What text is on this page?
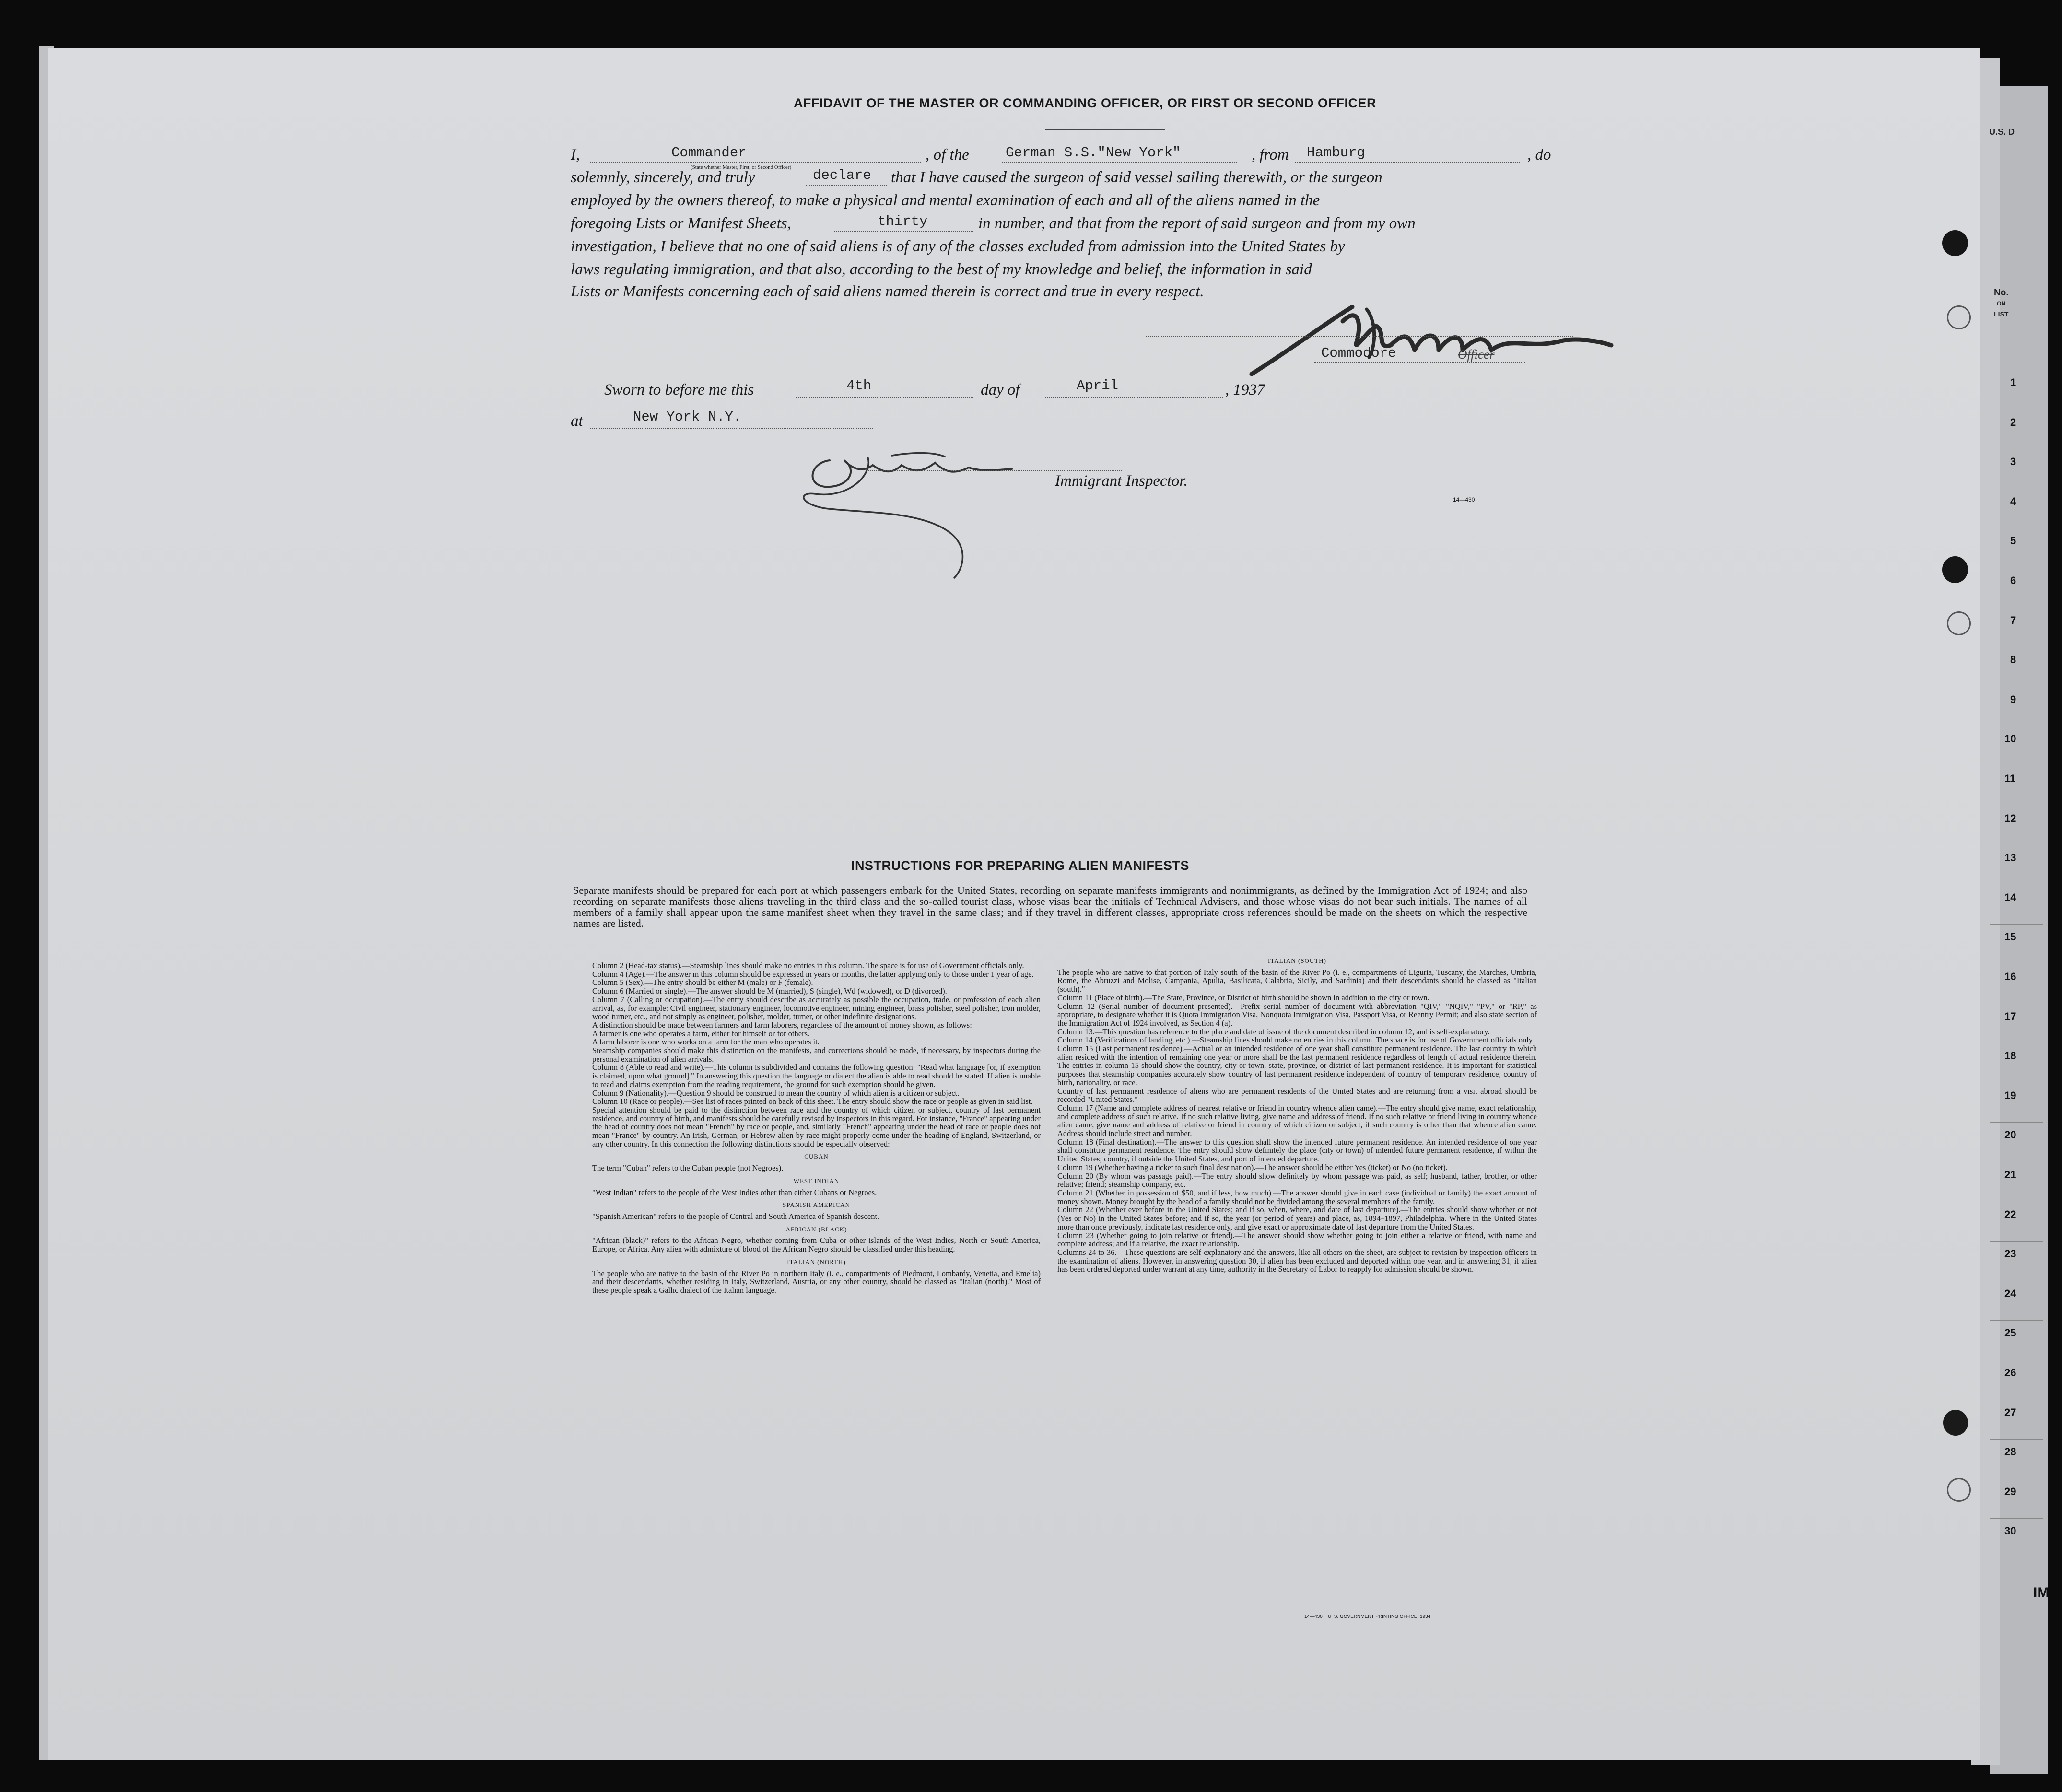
AFFIDAVIT OF THE MASTER OR COMMANDING OFFICER, OR FIRST OR SECOND OFFICER
I,	Commander
(State whether Master, First, or Second Officer)
, of the	German S.S."New York"	, from Hamburg	, do
solemnly, sincerely, and truly	declare that I have caused the surgeon of said vessel sailing therewith, or the surgeon
employed by the owners thereof, to make a physical and mental examination of each and all of the aliens named in the
foregoing Lists or Manifest Sheets,	thirty	in number, and that from the report of said surgeon and from my own
investigation, I believe that no one of said aliens is of any of the classes excluded from admission into the United States by
laws regulating immigration, and that also, according to the best of my knowledge and belief, the information in said
Lists or Manifests concerning each of said aliens named therein is correct and true in every respect.
Commodore	Officer
Sworn to before me this	4th	day of	April	, 1937
at	New York N.Y.
Immigrant Inspector.
14—430
INSTRUCTIONS FOR PREPARING ALIEN MANIFESTS
Separate manifests should be prepared for each port at which passengers embark for the United States, recording on separate manifests immigrants and nonimmigrants, as defined by the Immigration Act of 1924; and also recording on separate manifests those aliens traveling in the third class and the so-called tourist class, whose visas bear the initials of Technical Advisers, and those whose visas do not bear such initials. The names of all members of a family shall appear upon the same manifest sheet when they travel in the same class; and if they travel in different classes, appropriate cross references should be made on the sheets on which the respective names are listed.

Column 2 (Head-tax status).—Steamship lines should make no entries in this column. The space is for use of Government officials only.

Column 4 (Age).—The answer in this column should be expressed in years or months, the latter applying only to those under 1 year of age.

Column 5 (Sex).—The entry should be either M (male) or F (female).

Column 6 (Married or single).—The answer should be M (married), S (single), Wd (widowed), or D (divorced).

Column 7 (Calling or occupation).—The entry should describe as accurately as possible the occupation, trade, or profession of each alien arrival, as, for example: Civil engineer, stationary engineer, locomotive engineer, mining engineer, brass polisher, steel polisher, iron molder, wood turner, etc., and not simply as engineer, polisher, molder, turner, or other indefinite designations.

A distinction should be made between farmers and farm laborers, regardless of the amount of money shown, as follows:

A farmer is one who operates a farm, either for himself or for others.

A farm laborer is one who works on a farm for the man who operates it.

Steamship companies should make this distinction on the manifests, and corrections should be made, if necessary, by inspectors during the personal examination of alien arrivals.

Column 8 (Able to read and write).—This column is subdivided and contains the following question: "Read what language [or, if exemption is claimed, upon what ground]." In answering this question the language or dialect the alien is able to read should be stated. If alien is unable to read and claims exemption from the reading requirement, the ground for such exemption should be given.

Column 9 (Nationality).—Question 9 should be construed to mean the country of which alien is a citizen or subject.

Column 10 (Race or people).—See list of races printed on back of this sheet. The entry should show the race or people as given in said list.

Special attention should be paid to the distinction between race and the country of which citizen or subject, country of last permanent residence, and country of birth, and manifests should be carefully revised by inspectors in this regard. For instance, "France" appearing under the head of country does not mean "French" by race or people, and, similarly "French" appearing under the head of race or people does not mean "France" by country. An Irish, German, or Hebrew alien by race might properly come under the heading of England, Switzerland, or any other country. In this connection the following distinctions should be especially observed:

CUBAN

The term "Cuban" refers to the Cuban people (not Negroes).

WEST INDIAN

"West Indian" refers to the people of the West Indies other than either Cubans or Negroes.

SPANISH AMERICAN

"Spanish American" refers to the people of Central and South America of Spanish descent.

AFRICAN (BLACK)

"African (black)" refers to the African Negro, whether coming from Cuba or other islands of the West Indies, North or South America, Europe, or Africa. Any alien with admixture of blood of the African Negro should be classified under this heading.

ITALIAN (NORTH)

The people who are native to the basin of the River Po in northern Italy (i. e., compartments of Piedmont, Lombardy, Venetia, and Emelia) and their descendants, whether residing in Italy, Switzerland, Austria, or any other country, should be classed as "Italian (north)." Most of these people speak a Gallic dialect of the Italian language.

ITALIAN (SOUTH)

The people who are native to that portion of Italy south of the basin of the River Po (i. e., compartments of Liguria, Tuscany, the Marches, Umbria, Rome, the Abruzzi and Molise, Campania, Apulia, Basilicata, Calabria, Sicily, and Sardinia) and their descendants should be classed as "Italian (south)."

Column 11 (Place of birth).—The State, Province, or District of birth should be shown in addition to the city or town.

Column 12 (Serial number of document presented).—Prefix serial number of document with abbreviation "QIV," "NQIV," "PV," or "RP," as appropriate, to designate whether it is Quota Immigration Visa, Nonquota Immigration Visa, Passport Visa, or Reentry Permit; and also state section of the Immigration Act of 1924 involved, as Section 4 (a).

Column 13.—This question has reference to the place and date of issue of the document described in column 12, and is self-explanatory.

Column 14 (Verifications of landing, etc.).—Steamship lines should make no entries in this column. The space is for use of Government officials only.

Column 15 (Last permanent residence).—Actual or an intended residence of one year shall constitute permanent residence. The last country in which alien resided with the intention of remaining one year or more shall be the last permanent residence regardless of length of actual residence therein. The entries in column 15 should show the country, city or town, state, province, or district of last permanent residence. It is important for statistical purposes that steamship companies accurately show country of last permanent residence independent of country of temporary residence, country of birth, nationality, or race.

Country of last permanent residence of aliens who are permanent residents of the United States and are returning from a visit abroad should be recorded "United States."

Column 17 (Name and complete address of nearest relative or friend in country whence alien came).—The entry should give name, exact relationship, and complete address of such relative. If no such relative living, give name and address of friend. If no such relative or friend living in country whence alien came, give name and address of relative or friend in country of which citizen or subject, if such country is other than that whence alien came. Address should include street and number.

Column 18 (Final destination).—The answer to this question shall show the intended future permanent residence. An intended residence of one year shall constitute permanent residence. The entry should show definitely the place (city or town) of intended future permanent residence, if within the United States; country, if outside the United States, and port of intended departure.

Column 19 (Whether having a ticket to such final destination).—The answer should be either Yes (ticket) or No (no ticket).

Column 20 (By whom was passage paid).—The entry should show definitely by whom passage was paid, as self; husband, father, brother, or other relative; friend; steamship company, etc.

Column 21 (Whether in possession of $50, and if less, how much).—The answer should give in each case (individual or family) the exact amount of money shown. Money brought by the head of a family should not be divided among the several members of the family.

Column 22 (Whether ever before in the United States; and if so, when, where, and date of last departure).—The entries should show whether or not (Yes or No) in the United States before; and if so, the year (or period of years) and place, as, 1894–1897, Philadelphia. Where in the United States more than once previously, indicate last residence only, and give exact or approximate date of last departure from the United States.

Column 23 (Whether going to join relative or friend).—The answer should show whether going to join either a relative or friend, with name and complete address; and if a relative, the exact relationship.

Columns 24 to 36.—These questions are self-explanatory and the answers, like all others on the sheet, are subject to revision by inspection officers in the examination of aliens. However, in answering question 30, if alien has been excluded and deported within one year, and in answering 31, if alien has been ordered deported under warrant at any time, authority in the Secretary of Labor to reapply for admission should be shown.

14—430 U. S. GOVERNMENT PRINTING OFFICE: 1934
U.S. D
No.
ON
LIST
1
2
3
4
5
6
7
8
9
10
11
12
13
14
15
16
17
18
19
20
21
22
23
24
25
26
27
28
29
30
IM
